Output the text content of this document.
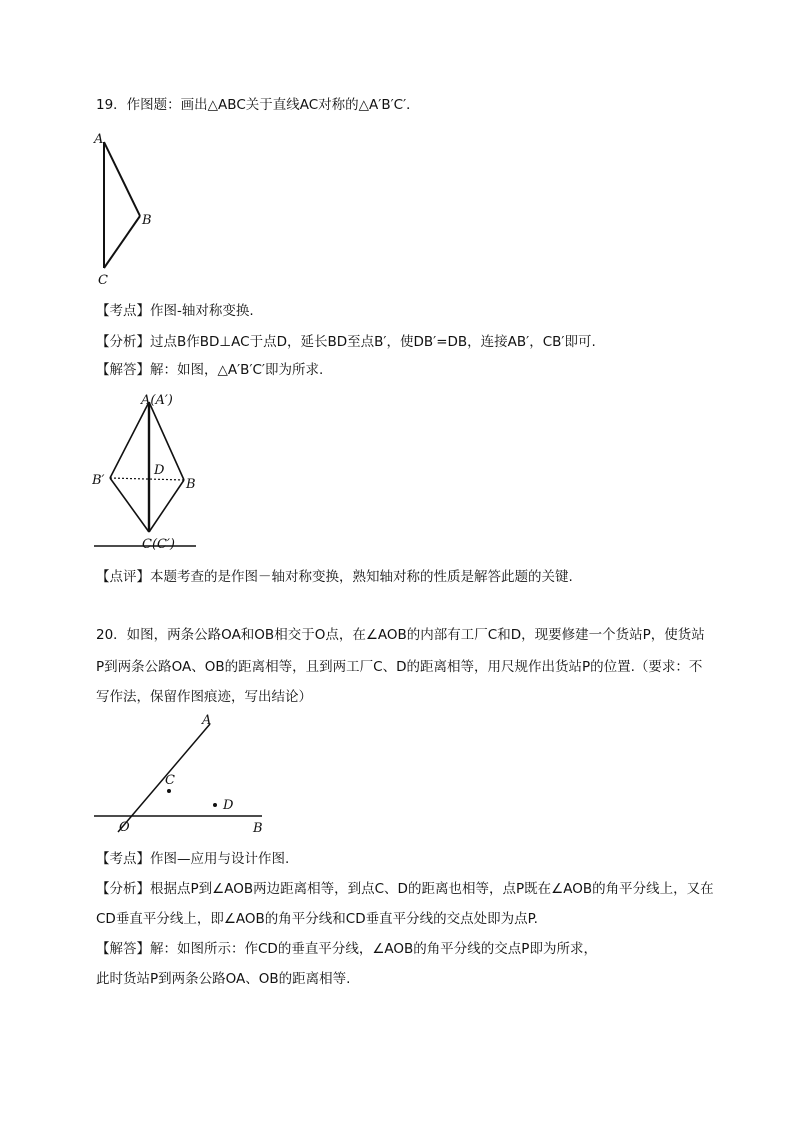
19．作图题：画出△ABC关于直线AC对称的△A′B′C′．
A
B
C
【考点】作图-轴对称变换.
【分析】过点B作BD⊥AC于点D，延长BD至点B′，使DB′=DB，连接AB′，CB′即可.
【解答】解：如图，△A′B′C′即为所求.
A(A′)
B′
D
B
C(C′)
【点评】本题考查的是作图－轴对称变换，熟知轴对称的性质是解答此题的关键.
20．如图，两条公路OA和OB相交于O点，在∠AOB的内部有工厂C和D，现要修建一个货站P，使货站
P到两条公路OA、OB的距离相等，且到两工厂C、D的距离相等，用尺规作出货站P的位置.（要求：不
写作法，保留作图痕迹，写出结论）
A
C
D
O	B
【考点】作图—应用与设计作图.
【分析】根据点P到∠AOB两边距离相等，到点C、D的距离也相等，点P既在∠AOB的角平分线上，又在
CD垂直平分线上，即∠AOB的角平分线和CD垂直平分线的交点处即为点P.
【解答】解：如图所示：作CD的垂直平分线，∠AOB的角平分线的交点P即为所求，
此时货站P到两条公路OA、OB的距离相等.
